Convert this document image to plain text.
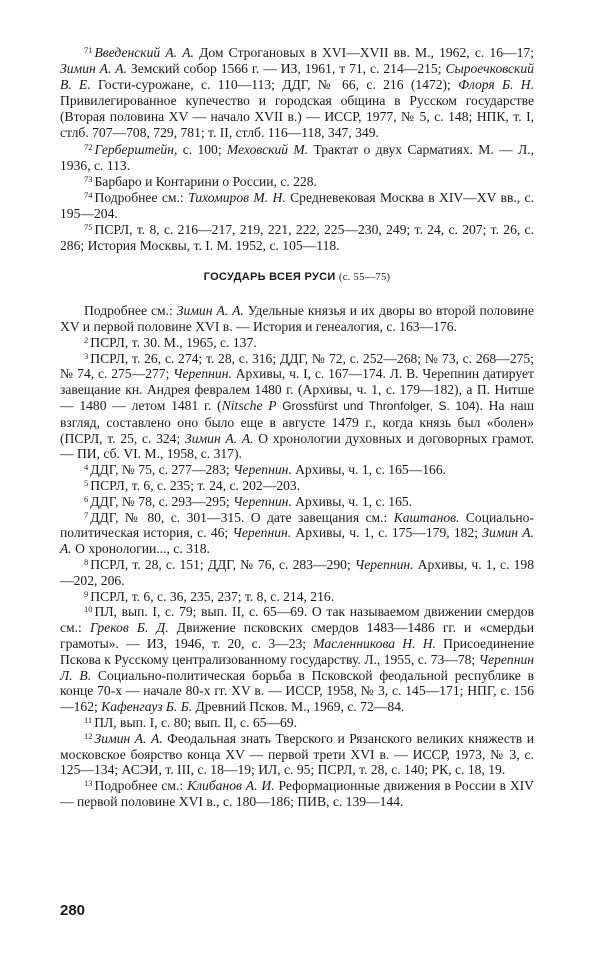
$^{71}$ Введенский А. А. Дом Строгановых в XVI—XVII вв. М., 1962, с. 16—17; Зимин А. А. Земский собор 1566 г. — ИЗ, 1961, т 71, с. 214—215; Сыроечковский В. Е. Гости-сурожане, с. 110—113; ДДГ, № 66, с. 216 (1472); Флоря Б. Н. Привилегированное купечество и городская община в Русском государстве (Вторая половина XV — начало XVII в.) — ИССР, 1977, № 5, с. 148; НПК, т. I, стлб. 707—708, 729, 781; т. II, стлб. 116—118, 347, 349.

$^{72}$ Герберштейн, с. 100; Меховский М. Трактат о двух Сарматиях. М. — Л., 1936, с. 113.

$^{73}$ Барбаро и Контарини о России, с. 228.

$^{74}$ Подробнее см.: Тихомиров М. Н. Средневековая Москва в XIV—XV вв., с. 195—204.

$^{75}$ ПСРЛ, т. 8, с. 216—217, 219, 221, 222, 225—230, 249; т. 24, с. 207; т. 26, с. 286; История Москвы, т. I. М. 1952, с. 105—118.

ГОСУДАРЬ ВСЕЯ РУСИ (с. 55—75)

Подробнее см.: Зимин А. А. Удельные князья и их дворы во второй половине XV и первой половине XVI в. — История и генеалогия, с. 163—176.

$^2$ ПСРЛ, т. 30. М., 1965, с. 137.

$^3$ ПСРЛ, т. 26, с. 274; т. 28, с. 316; ДДГ, № 72, с. 252—268; № 73, с. 268—275; № 74, с. 275—277; Черепнин. Архивы, ч. I, с. 167—174. Л. В. Черепнин датирует завещание кн. Андрея февралем 1480 г. (Архивы, ч. 1, с. 179—182), а П. Нитше — 1480 — летом 1481 г. (Nitsche P Grossfürst und Thronfolger, S. 104). На наш взгляд, составлено оно было еще в августе 1479 г., когда князь был «болен» (ПСРЛ, т. 25, с. 324; Зимин А. А. О хронологии духовных и договорных грамот. — ПИ, сб. VI. М., 1958, с. 317).

$^4$ ДДГ, № 75, с. 277—283; Черепнин. Архивы, ч. 1, с. 165—166.

$^5$ ПСРЛ, т. 6, с. 235; т. 24, с. 202—203.

$^6$ ДДГ, № 78, с. 293—295; Черепнин. Архивы, ч. 1, с. 165.

$^7$ ДДГ, № 80, с. 301—315. О дате завещания см.: Каштанов. Социально-политическая история, с. 46; Черепнин. Архивы, ч. 1, с. 175—179, 182; Зимин А. А. О хронологии..., с. 318.

$^8$ ПСРЛ, т. 28, с. 151; ДДГ, № 76, с. 283—290; Черепнин. Архивы, ч. 1, с. 198—202, 206.

$^9$ ПСРЛ, т. 6, с. 36, 235, 237; т. 8, с. 214, 216.

$^{10}$ ПЛ, вып. I, с. 79; вып. II, с. 65—69. О так называемом движении смердов см.: Греков Б. Д. Движение псковских смердов 1483—1486 гг. и «смердьи грамоты». — ИЗ, 1946, т. 20, с. 3—23; Масленникова Н. Н. Присоединение Пскова к Русскому централизованному государству. Л., 1955, с. 73—78; Черепнин Л. В. Социально-политическая борьба в Псковской феодальной республике в конце 70-х — начале 80-х гг. XV в. — ИССР, 1958, № 3, с. 145—171; НПГ, с. 156—162; Кафенгауз Б. Б. Древний Псков. М., 1969, с. 72—84.

$^{11}$ ПЛ, вып. I, с. 80; вып. II, с. 65—69.

$^{12}$ Зимин А. А. Феодальная знать Тверского и Рязанского великих княжеств и московское боярство конца XV — первой трети XVI в. — ИССР, 1973, № 3, с. 125—134; АСЭИ, т. III, с. 18—19; ИЛ, с. 95; ПСРЛ, т. 28, с. 140; РК, с. 18, 19.

$^{13}$ Подробнее см.: Клибанов А. И. Реформационные движения в России в XIV — первой половине XVI в., с. 180—186; ПИВ, с. 139—144.

280
